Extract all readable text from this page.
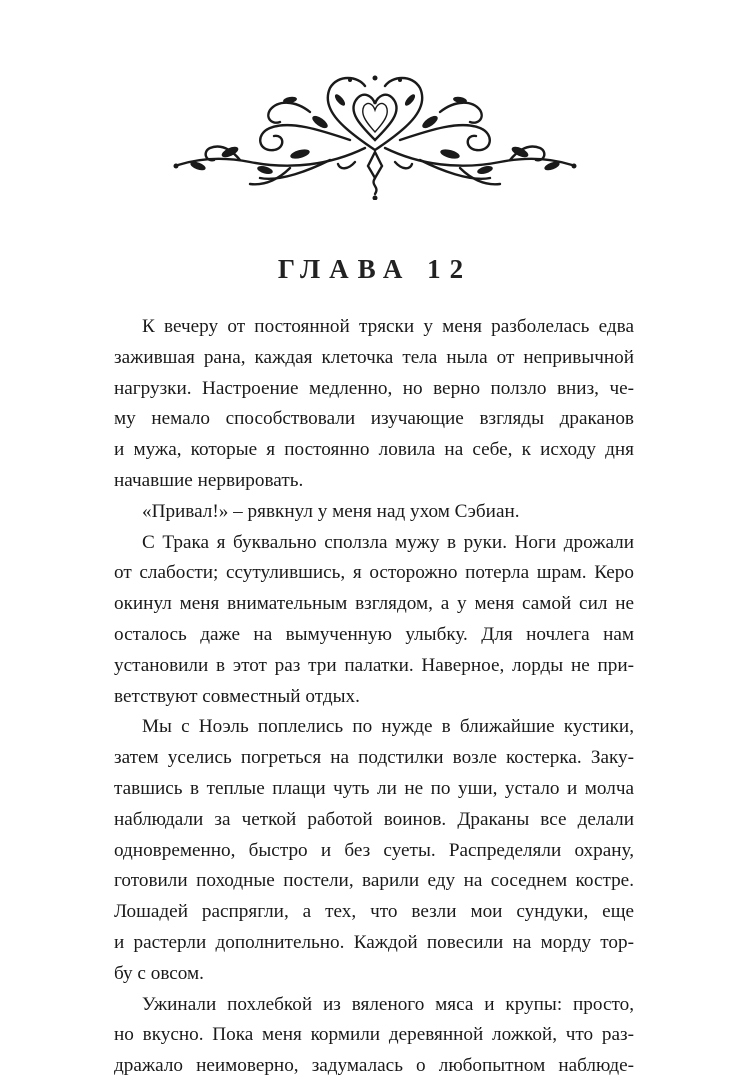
ГЛАВА 12
К вечеру от постоянной тряски у меня разболелась едва
зажившая рана, каждая клеточка тела ныла от непривычной
нагрузки. Настроение медленно, но верно ползло вниз, че-
му немало способствовали изучающие взгляды драканов
и мужа, которые я постоянно ловила на себе, к исходу дня
начавшие нервировать.
«Привал!» – рявкнул у меня над ухом Сэбиан.
С Трака я буквально сползла мужу в руки. Ноги дрожали
от слабости; ссутулившись, я осторожно потерла шрам. Керо
окинул меня внимательным взглядом, а у меня самой сил не
осталось даже на вымученную улыбку. Для ночлега нам
установили в этот раз три палатки. Наверное, лорды не при-
ветствуют совместный отдых.
Мы с Ноэль поплелись по нужде в ближайшие кустики,
затем уселись погреться на подстилки возле костерка. Заку-
тавшись в теплые плащи чуть ли не по уши, устало и молча
наблюдали за четкой работой воинов. Драканы все делали
одновременно, быстро и без суеты. Распределяли охрану,
готовили походные постели, варили еду на соседнем костре.
Лошадей распрягли, а тех, что везли мои сундуки, еще
и растерли дополнительно. Каждой повесили на морду тор-
бу с овсом.
Ужинали похлебкой из вяленого мяса и крупы: просто,
но вкусно. Пока меня кормили деревянной ложкой, что раз-
дражало неимоверно, задумалась о любопытном наблюде-
